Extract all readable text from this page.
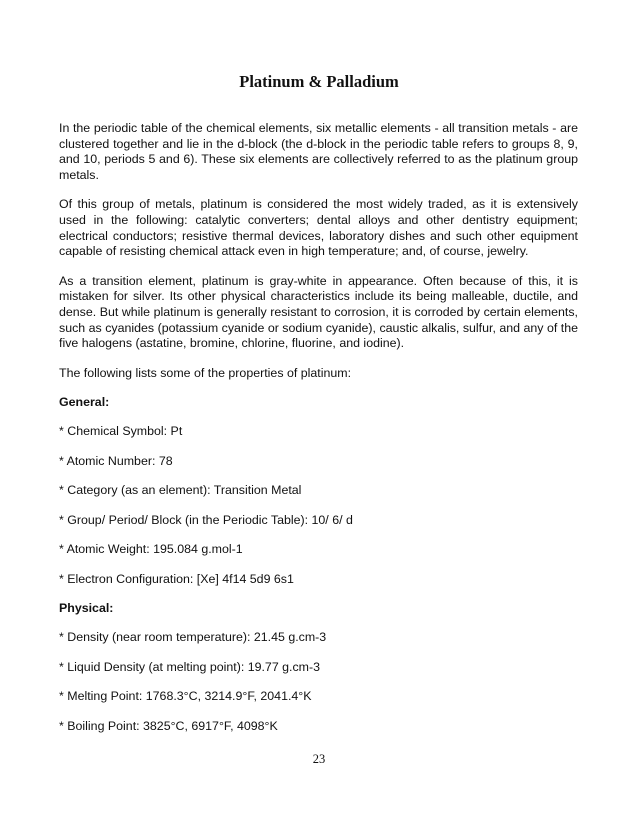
Platinum & Palladium

In the periodic table of the chemical elements, six metallic elements - all transition metals - are clustered together and lie in the d-block (the d-block in the periodic table refers to groups 8, 9, and 10, periods 5 and 6). These six elements are collectively referred to as the platinum group metals.

Of this group of metals, platinum is considered the most widely traded, as it is extensively used in the following: catalytic converters; dental alloys and other dentistry equipment; electrical conductors; resistive thermal devices, laboratory dishes and such other equipment capable of resisting chemical attack even in high temperature; and, of course, jewelry.

As a transition element, platinum is gray-white in appearance. Often because of this, it is mistaken for silver. Its other physical characteristics include its being malleable, ductile, and dense. But while platinum is generally resistant to corrosion, it is corroded by certain elements, such as cyanides (potassium cyanide or sodium cyanide), caustic alkalis, sulfur, and any of the five halogens (astatine, bromine, chlorine, fluorine, and iodine).

The following lists some of the properties of platinum:

General:
* Chemical Symbol: Pt
* Atomic Number: 78
* Category (as an element): Transition Metal
* Group/ Period/ Block (in the Periodic Table): 10/ 6/ d
* Atomic Weight: 195.084 g.mol-1
* Electron Configuration: [Xe] 4f14 5d9 6s1
Physical:
* Density (near room temperature): 21.45 g.cm-3
* Liquid Density (at melting point): 19.77 g.cm-3
* Melting Point: 1768.3°C, 3214.9°F, 2041.4°K
* Boiling Point: 3825°C, 6917°F, 4098°K
23
